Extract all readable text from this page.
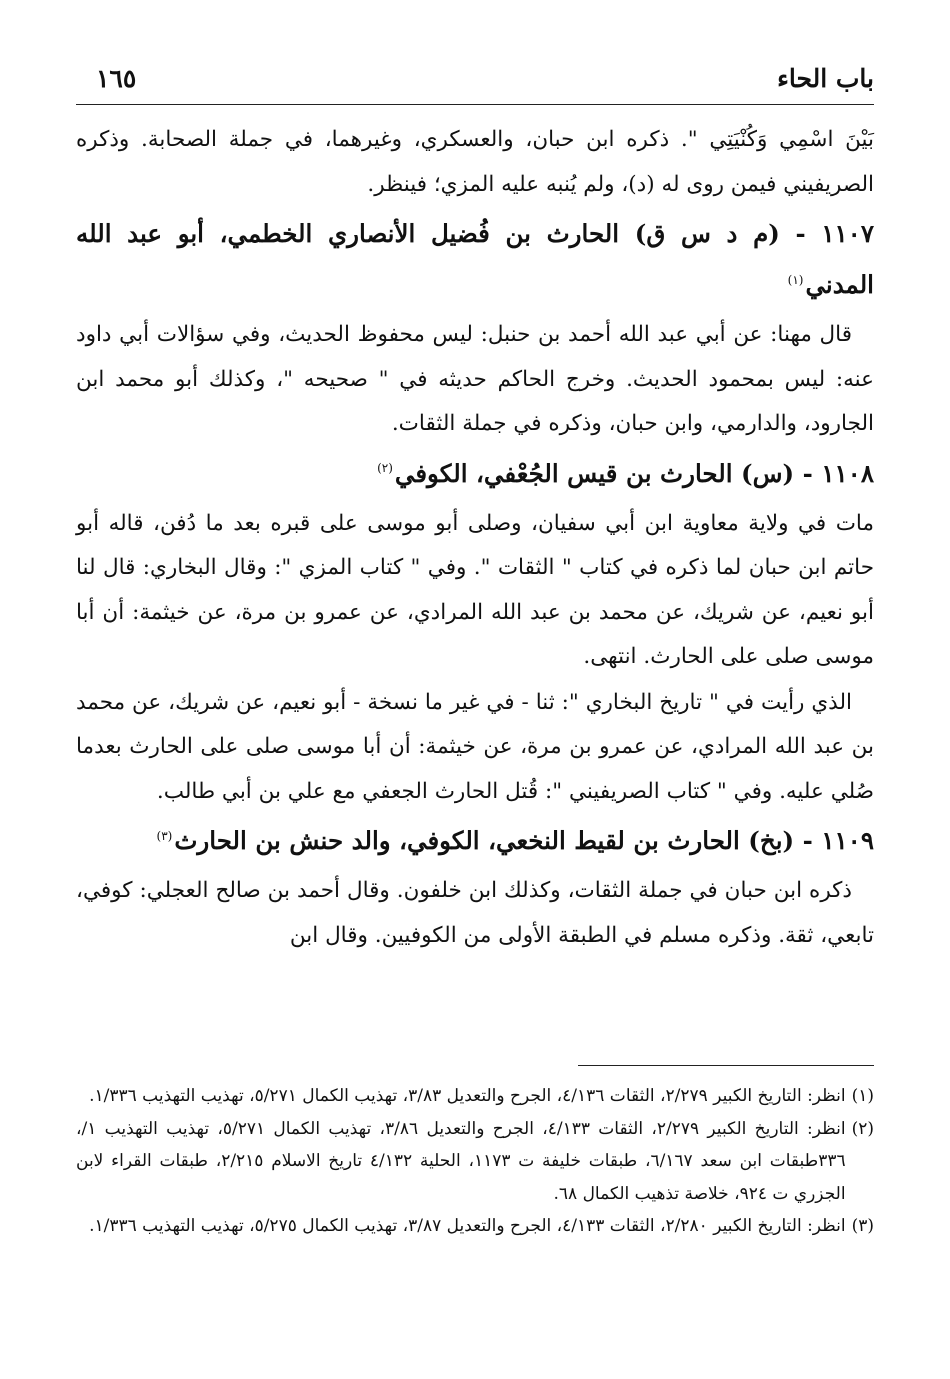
باب الحاء
١٦٥

بَيْنَ اسْمِي وَكُنْيَتِي ". ذكره ابن حبان، والعسكري، وغيرهما، في جملة الصحابة. وذكره الصريفيني فيمن روى له (د)، ولم يُنبه عليه المزي؛ فينظر.

١١٠٧ - (م د س ق) الحارث بن فُضيل الأنصاري الخطمي، أبو عبد الله المدني$^{(١)}$

قال مهنا: عن أبي عبد الله أحمد بن حنبل: ليس محفوظ الحديث، وفي سؤالات أبي داود عنه: ليس بمحمود الحديث. وخرج الحاكم حديثه في " صحيحه "، وكذلك أبو محمد ابن الجارود، والدارمي، وابن حبان، وذكره في جملة الثقات.

١١٠٨ - (س) الحارث بن قيس الجُعْفي، الكوفي$^{(٢)}$

مات في ولاية معاوية ابن أبي سفيان، وصلى أبو موسى على قبره بعد ما دُفن، قاله أبو حاتم ابن حبان لما ذكره في كتاب " الثقات ". وفي " كتاب المزي ": وقال البخاري: قال لنا أبو نعيم، عن شريك، عن محمد بن عبد الله المرادي، عن عمرو بن مرة، عن خيثمة: أن أبا موسى صلى على الحارث. انتهى.

الذي رأيت في " تاريخ البخاري ": ثنا - في غير ما نسخة - أبو نعيم، عن شريك، عن محمد بن عبد الله المرادي، عن عمرو بن مرة، عن خيثمة: أن أبا موسى صلى على الحارث بعدما صُلي عليه. وفي " كتاب الصريفيني ": قُتل الحارث الجعفي مع علي بن أبي طالب.

١١٠٩ - (بخ) الحارث بن لقيط النخعي، الكوفي، والد حنش بن الحارث$^{(٣)}$

ذكره ابن حبان في جملة الثقات، وكذلك ابن خلفون. وقال أحمد بن صالح العجلي: كوفي، تابعي، ثقة. وذكره مسلم في الطبقة الأولى من الكوفيين. وقال ابن

(١)
انظر: التاريخ الكبير ٢/٢٧٩، الثقات ٤/١٣٦، الجرح والتعديل ٣/٨٣، تهذيب الكمال ٥/٢٧١، تهذيب التهذيب ١/٣٣٦.
(٢)
انظر: التاريخ الكبير ٢/٢٧٩، الثقات ٤/١٣٣، الجرح والتعديل ٣/٨٦، تهذيب الكمال ٥/٢٧١، تهذيب التهذيب ١/، ٣٣٦طبقات ابن سعد ٦/١٦٧، طبقات خليفة ت ١١٧٣، الحلية ٤/١٣٢ تاريخ الاسلام ٢/٢١٥، طبقات القراء لابن الجزري ت ٩٢٤، خلاصة تذهيب الكمال ٦٨.
(٣)
انظر: التاريخ الكبير ٢/٢٨٠، الثقات ٤/١٣٣، الجرح والتعديل ٣/٨٧، تهذيب الكمال ٥/٢٧٥، تهذيب التهذيب ١/٣٣٦.
